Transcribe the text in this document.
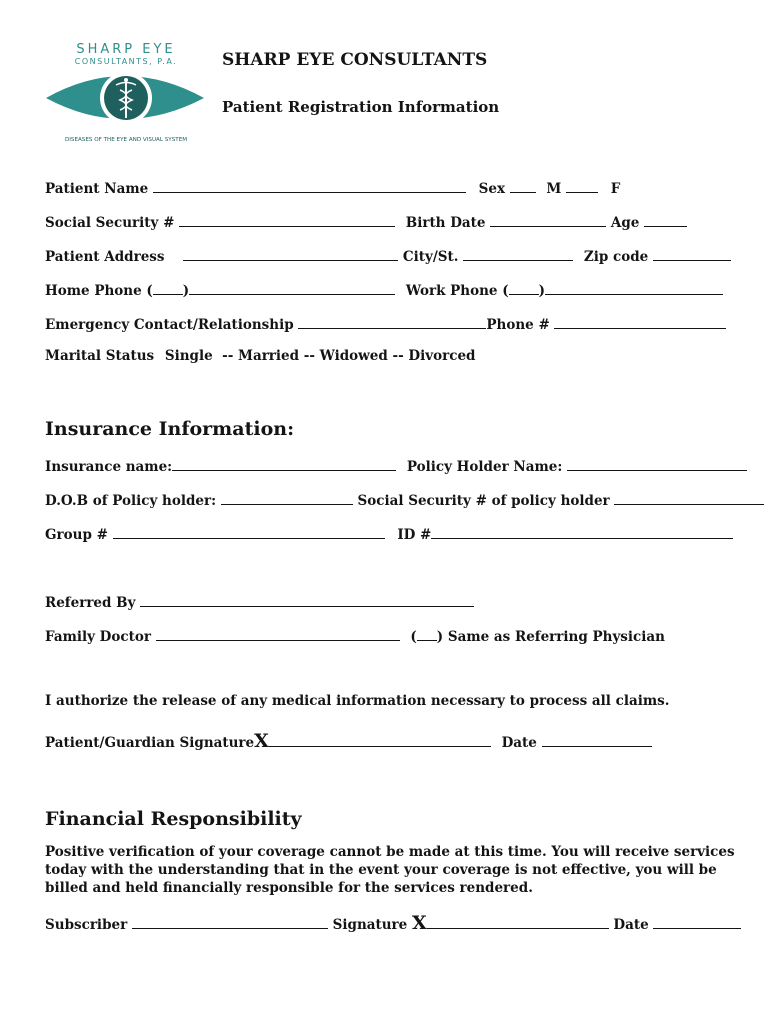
SHARP EYE
CONSULTANTS, P.A.
DISEASES OF THE EYE AND VISUAL SYSTEM
SHARP EYE CONSULTANTS
Patient Registration Information
Patient Name	Sex	M	F
Social Security #	Birth Date	Age
Patient Address	City/St.	Zip code
Home Phone ( )	Work Phone ( )
Emergency Contact/Relationship	Phone #
Marital Status Single  -- Married -- Widowed -- Divorced
Insurance Information:
Insurance name:	Policy Holder Name:
D.O.B of Policy holder:	Social Security # of policy holder
Group #	ID #
Referred By
Family Doctor	( ) Same as Referring Physician
I authorize the release of any medical information necessary to process all claims.
Patient/Guardian SignatureX	Date
Financial Responsibility
Positive verification of your coverage cannot be made at this time. You will receive services today with the understanding that in the event your coverage is not effective, you will be billed and held financially responsible for the services rendered.
Subscriber	Signature X	Date
